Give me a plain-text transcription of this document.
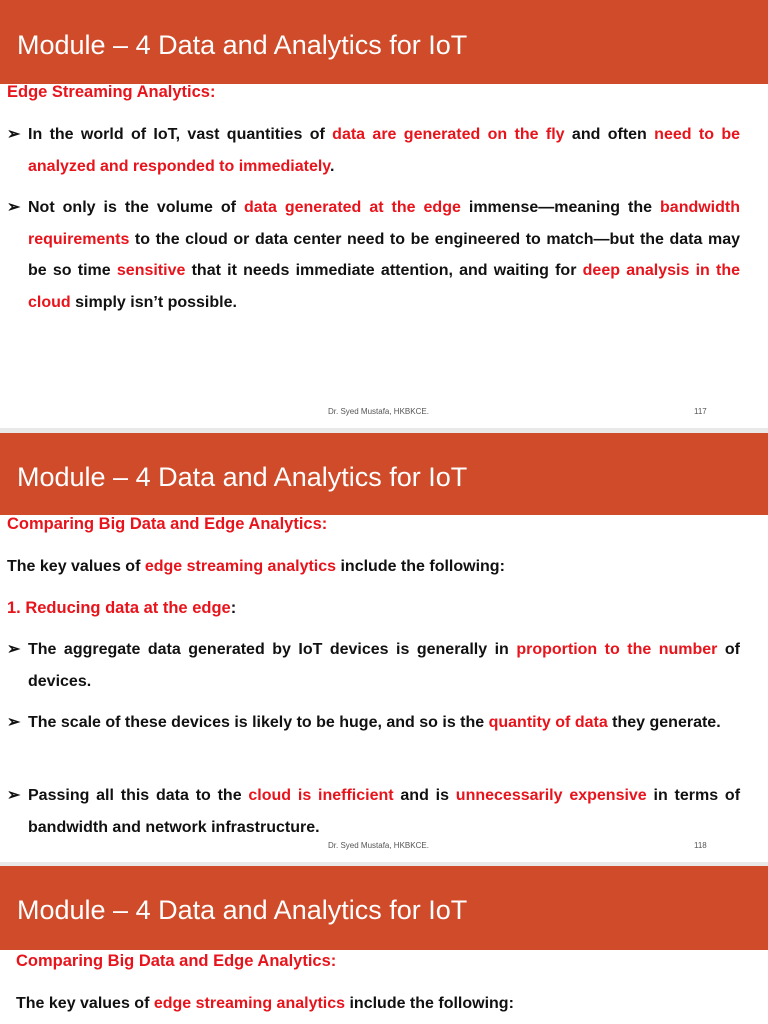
Module – 4 Data and Analytics for IoT
Edge Streaming Analytics:
➢ In the world of IoT, vast quantities of data are generated on the fly and often need to be analyzed and responded to immediately.
➢ Not only is the volume of data generated at the edge immense—meaning the bandwidth requirements to the cloud or data center need to be engineered to match—but the data may be so time sensitive that it needs immediate attention, and waiting for deep analysis in the cloud simply isn’t possible.
Dr. Syed Mustafa, HKBKCE.	117
Module – 4 Data and Analytics for IoT
Comparing Big Data and Edge Analytics:
The key values of edge streaming analytics include the following:
1. Reducing data at the edge:
➢ The aggregate data generated by IoT devices is generally in proportion to the number of devices.
➢ The scale of these devices is likely to be huge, and so is the quantity of data they generate.
➢ Passing all this data to the cloud is inefficient and is unnecessarily expensive in terms of bandwidth and network infrastructure.
Dr. Syed Mustafa, HKBKCE.	118
Module – 4 Data and Analytics for IoT
Comparing Big Data and Edge Analytics:
The key values of edge streaming analytics include the following:
